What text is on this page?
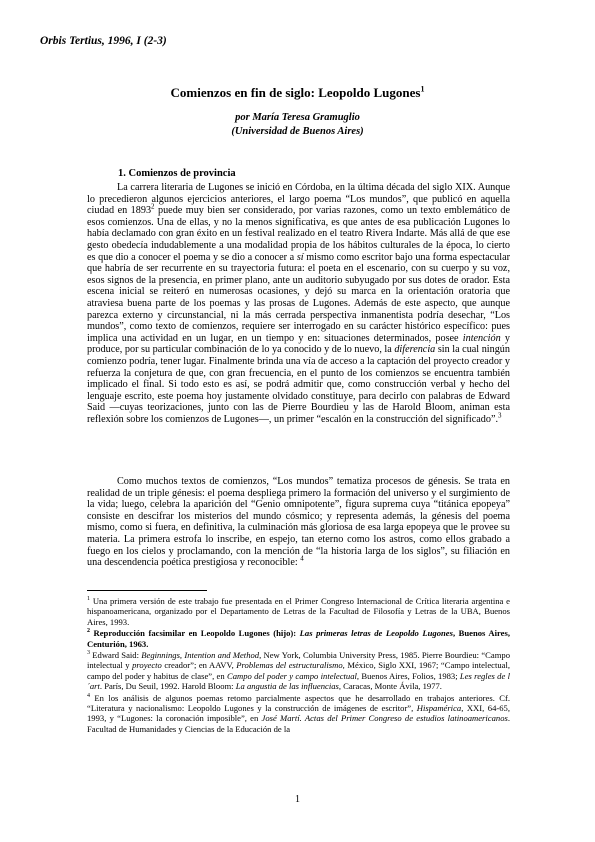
Orbis Tertius, 1996, I (2-3)
Comienzos en fin de siglo: Leopoldo Lugones$^1$
por María Teresa Gramuglio
(Universidad de Buenos Aires)
1. Comienzos de provincia

La carrera literaria de Lugones se inició en Córdoba, en la última década del siglo XIX. Aunque lo precedieron algunos ejercicios anteriores, el largo poema “Los mundos”, que publicó en aquella ciudad en 1893$^2$ puede muy bien ser considerado, por varias razones, como un texto emblemático de esos comienzos. Una de ellas, y no la menos significativa, es que antes de esa publicación Lugones lo había declamado con gran éxito en un festival realizado en el teatro Rivera Indarte. Más allá de que ese gesto obedecía indudablemente a una modalidad propia de los hábitos culturales de la época, lo cierto es que dio a conocer el poema y se dio a conocer a sí mismo como escritor bajo una forma espectacular que habría de ser recurrente en su trayectoria futura: el poeta en el escenario, con su cuerpo y su voz, esos signos de la presencia, en primer plano, ante un auditorio subyugado por sus dotes de orador. Esta escena inicial se reiteró en numerosas ocasiones, y dejó su marca en la orientación oratoria que atraviesa buena parte de los poemas y las prosas de Lugones. Además de este aspecto, que aunque parezca externo y circunstancial, ni la más cerrada perspectiva inmanentista podría desechar, “Los mundos”, como texto de comienzos, requiere ser interrogado en su carácter histórico específico: pues implica una actividad en un lugar, en un tiempo y en: situaciones determinados, posee intención y produce, por su particular combinación de lo ya conocido y de lo nuevo, la diferencia sin la cual ningún comienzo podría, tener lugar. Finalmente brinda una vía de acceso a la captación del proyecto creador y refuerza la conjetura de que, con gran frecuencia, en el punto de los comienzos se encuentra también implicado el final. Si todo esto es así, se podrá admitir que, como construcción verbal y hecho del lenguaje escrito, este poema hoy justamente olvidado constituye, para decirlo con palabras de Edward Said —cuyas teorizaciones, junto con las de Pierre Bourdieu y las de Harold Bloom, animan esta reflexión sobre los comienzos de Lugones—, un primer “escalón en la construcción del significado”.$^3$

Como muchos textos de comienzos, “Los mundos” tematiza procesos de génesis. Se trata en realidad de un triple génesis: el poema despliega primero la formación del universo y el surgimiento de la vida; luego, celebra la aparición del “Genio omnipotente”, figura suprema cuya “titánica epopeya” consiste en descifrar los misterios del mundo cósmico; y representa además, la génesis del poema mismo, como si fuera, en definitiva, la culminación más gloriosa de esa larga epopeya que le provee su materia. La primera estrofa lo inscribe, en espejo, tan eterno como los astros, como ellos grabado a fuego en los cielos y proclamando, con la mención de “la historia larga de los siglos”, su filiación en una descendencia poética prestigiosa y reconocible: $^4$

$^1$ Una primera versión de este trabajo fue presentada en el Primer Congreso Internacional de Crítica literaria argentina e hispanoamericana, organizado por el Departamento de Letras de la Facultad de Filosofía y Letras de la UBA, Buenos Aires, 1993.

$^2$ Reproducción facsimilar en Leopoldo Lugones (hijo): Las primeras letras de Leopoldo Lugones, Buenos Aires, Centurión, 1963.

$^3$ Edward Said: Beginnings, Intention and Method, New York, Columbia University Press, 1985. Pierre Bourdieu: “Campo intelectual y proyecto creador”; en AAVV, Problemas del estructuralismo, México, Siglo XXI, 1967; “Campo intelectual, campo del poder y habitus de clase”, en Campo del poder y campo intelectual, Buenos Aires, Folios, 1983; Les regles de l´art. París, Du Seuil, 1992. Harold Bloom: La angustia de las influencias, Caracas, Monte Ávila, 1977.

$^4$ En los análisis de algunos poemas retomo parcialmente aspectos que he desarrollado en trabajos anteriores. Cf. “Literatura y nacionalismo: Leopoldo Lugones y la construcción de imágenes de escritor”, Hispamérica, XXI, 64-65, 1993, y “Lugones: la coronación imposible”, en José Martí. Actas del Primer Congreso de estudios latinoamericanos. Facultad de Humanidades y Ciencias de la Educación de la

1
